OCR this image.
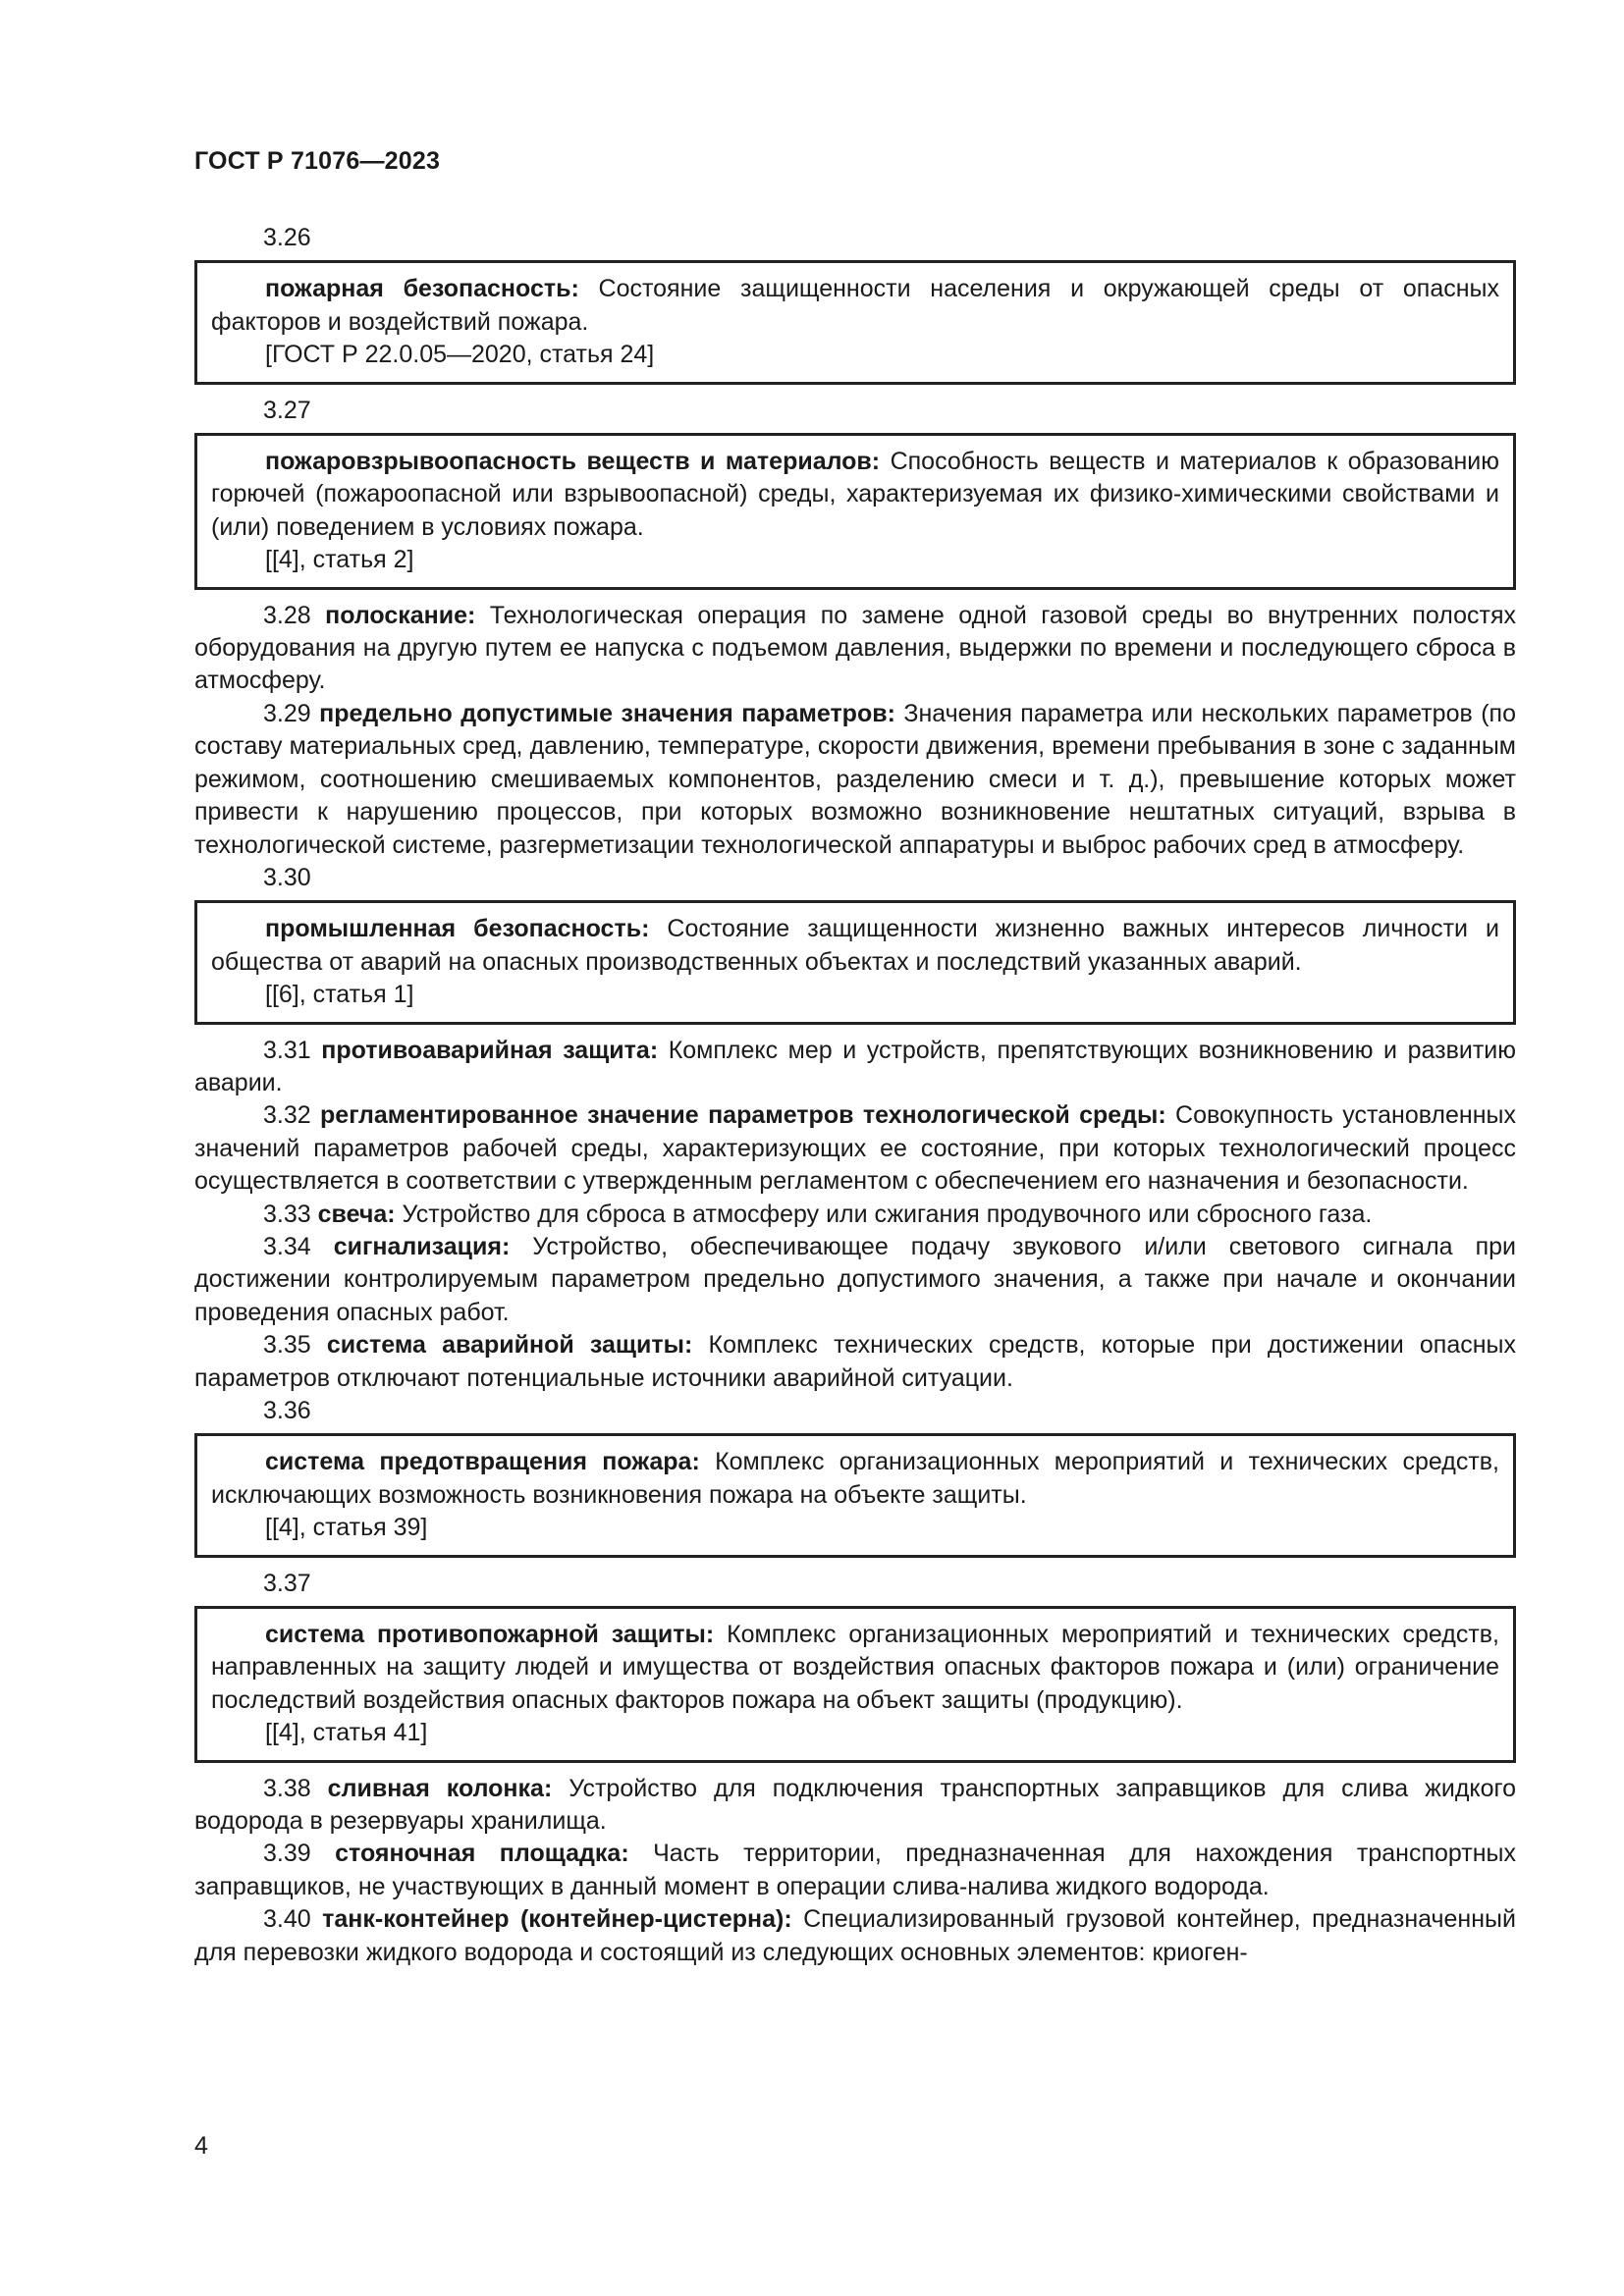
ГОСТ Р 71076—2023
3.26

пожарная безопасность: Состояние защищенности населения и окружающей среды от опасных факторов и воздействий пожара.

[ГОСТ Р 22.0.05—2020, статья 24]

3.27

пожаровзрывоопасность веществ и материалов: Способность веществ и материалов к образованию горючей (пожароопасной или взрывоопасной) среды, характеризуемая их физико-химическими свойствами и (или) поведением в условиях пожара.

[[4], статья 2]

3.28 полоскание: Технологическая операция по замене одной газовой среды во внутренних полостях оборудования на другую путем ее напуска с подъемом давления, выдержки по времени и последующего сброса в атмосферу.

3.29 предельно допустимые значения параметров: Значения параметра или нескольких параметров (по составу материальных сред, давлению, температуре, скорости движения, времени пребывания в зоне с заданным режимом, соотношению смешиваемых компонентов, разделению смеси и т. д.), превышение которых может привести к нарушению процессов, при которых возможно возникновение нештатных ситуаций, взрыва в технологической системе, разгерметизации технологической аппаратуры и выброс рабочих сред в атмосферу.

3.30

промышленная безопасность: Состояние защищенности жизненно важных интересов личности и общества от аварий на опасных производственных объектах и последствий указанных аварий.

[[6], статья 1]

3.31 противоаварийная защита: Комплекс мер и устройств, препятствующих возникновению и развитию аварии.

3.32 регламентированное значение параметров технологической среды: Совокупность установленных значений параметров рабочей среды, характеризующих ее состояние, при которых технологический процесс осуществляется в соответствии с утвержденным регламентом с обеспечением его назначения и безопасности.

3.33 свеча: Устройство для сброса в атмосферу или сжигания продувочного или сбросного газа.

3.34 сигнализация: Устройство, обеспечивающее подачу звукового и/или светового сигнала при достижении контролируемым параметром предельно допустимого значения, а также при начале и окончании проведения опасных работ.

3.35 система аварийной защиты: Комплекс технических средств, которые при достижении опасных параметров отключают потенциальные источники аварийной ситуации.

3.36

система предотвращения пожара: Комплекс организационных мероприятий и технических средств, исключающих возможность возникновения пожара на объекте защиты.

[[4], статья 39]

3.37

система противопожарной защиты: Комплекс организационных мероприятий и технических средств, направленных на защиту людей и имущества от воздействия опасных факторов пожара и (или) ограничение последствий воздействия опасных факторов пожара на объект защиты (продукцию).

[[4], статья 41]

3.38 сливная колонка: Устройство для подключения транспортных заправщиков для слива жидкого водорода в резервуары хранилища.

3.39 стояночная площадка: Часть территории, предназначенная для нахождения транспортных заправщиков, не участвующих в данный момент в операции слива-налива жидкого водорода.

3.40 танк-контейнер (контейнер-цистерна): Специализированный грузовой контейнер, предназначенный для перевозки жидкого водорода и состоящий из следующих основных элементов: криоген-

4
